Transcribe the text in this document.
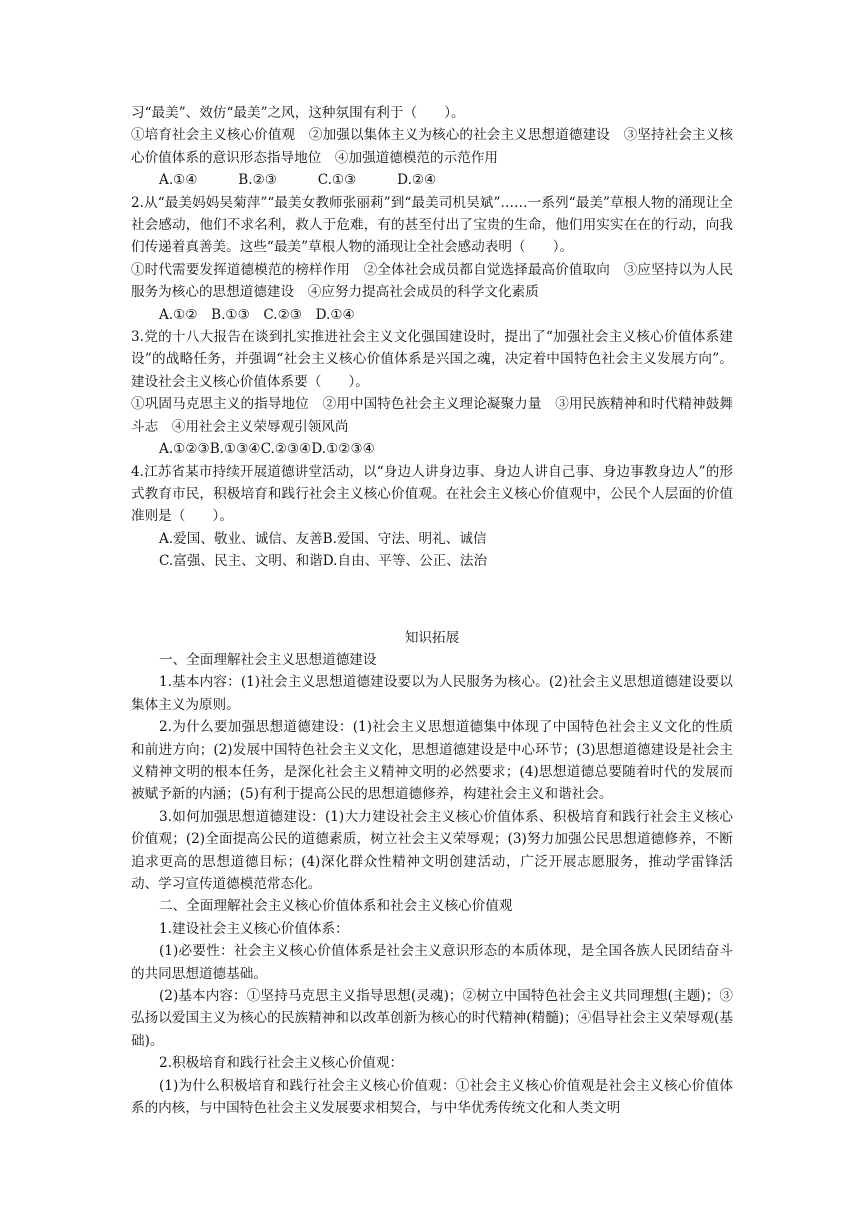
习“最美”、效仿“最美”之风，这种氛围有利于（　　）。

①培育社会主义核心价值观　②加强以集体主义为核心的社会主义思想道德建设　③坚持社会主义核心价值体系的意识形态指导地位　④加强道德模范的示范作用

A.①④　　　B.②③　　　C.①③　　　D.②④

2.从“最美妈妈吴菊萍”“最美女教师张丽莉”到“最美司机吴斌”……一系列“最美”草根人物的涌现让全社会感动，他们不求名利，救人于危难，有的甚至付出了宝贵的生命，他们用实实在在的行动，向我们传递着真善美。这些“最美”草根人物的涌现让全社会感动表明（　　）。

①时代需要发挥道德模范的榜样作用　②全体社会成员都自觉选择最高价值取向　③应坚持以为人民服务为核心的思想道德建设　④应努力提高社会成员的科学文化素质

A.①②　B.①③　C.②③　D.①④

3.党的十八大报告在谈到扎实推进社会主义文化强国建设时，提出了“加强社会主义核心价值体系建设”的战略任务，并强调“社会主义核心价值体系是兴国之魂，决定着中国特色社会主义发展方向”。建设社会主义核心价值体系要（　　）。

①巩固马克思主义的指导地位　②用中国特色社会主义理论凝聚力量　③用民族精神和时代精神鼓舞斗志　④用社会主义荣辱观引领风尚

A.①②③B.①③④C.②③④D.①②③④

4.江苏省某市持续开展道德讲堂活动，以“身边人讲身边事、身边人讲自己事、身边事教身边人”的形式教育市民，积极培育和践行社会主义核心价值观。在社会主义核心价值观中，公民个人层面的价值准则是（　　）。

A.爱国、敬业、诚信、友善B.爱国、守法、明礼、诚信

C.富强、民主、文明、和谐D.自由、平等、公正、法治

知识拓展

一、全面理解社会主义思想道德建设

1.基本内容：(1)社会主义思想道德建设要以为人民服务为核心。(2)社会主义思想道德建设要以集体主义为原则。

2.为什么要加强思想道德建设：(1)社会主义思想道德集中体现了中国特色社会主义文化的性质和前进方向；(2)发展中国特色社会主义文化，思想道德建设是中心环节；(3)思想道德建设是社会主义精神文明的根本任务，是深化社会主义精神文明的必然要求；(4)思想道德总要随着时代的发展而被赋予新的内涵；(5)有利于提高公民的思想道德修养，构建社会主义和谐社会。

3.如何加强思想道德建设：(1)大力建设社会主义核心价值体系、积极培育和践行社会主义核心价值观；(2)全面提高公民的道德素质，树立社会主义荣辱观；(3)努力加强公民思想道德修养，不断追求更高的思想道德目标；(4)深化群众性精神文明创建活动，广泛开展志愿服务，推动学雷锋活动、学习宣传道德模范常态化。

二、全面理解社会主义核心价值体系和社会主义核心价值观

1.建设社会主义核心价值体系：

(1)必要性：社会主义核心价值体系是社会主义意识形态的本质体现，是全国各族人民团结奋斗的共同思想道德基础。

(2)基本内容：①坚持马克思主义指导思想(灵魂)；②树立中国特色社会主义共同理想(主题)；③弘扬以爱国主义为核心的民族精神和以改革创新为核心的时代精神(精髓)；④倡导社会主义荣辱观(基础)。

2.积极培育和践行社会主义核心价值观：

(1)为什么积极培育和践行社会主义核心价值观：①社会主义核心价值观是社会主义核心价值体系的内核，与中国特色社会主义发展要求相契合，与中华优秀传统文化和人类文明
